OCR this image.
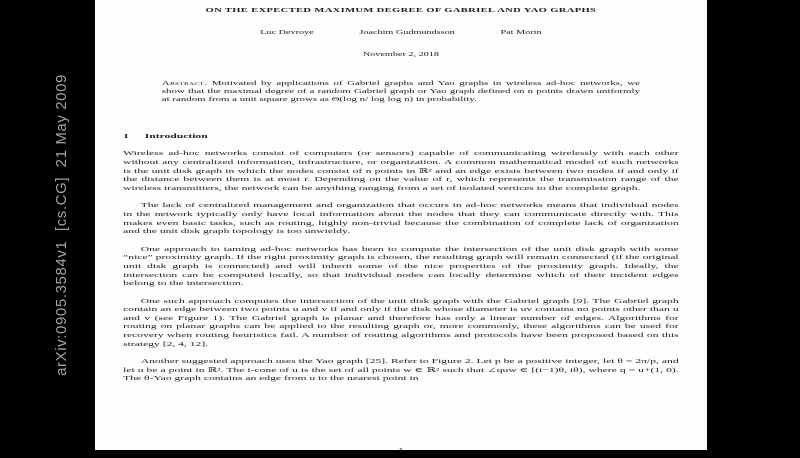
arXiv:0905.3584v1  [cs.CG]  21 May 2009
ON THE EXPECTED MAXIMUM DEGREE OF GABRIEL AND YAO GRAPHS
Luc Devroye	Joachim Gudmundsson	Pat Morin
November 2, 2018

Abstract. Motivated by applications of Gabriel graphs and Yao graphs in wireless ad-hoc networks, we show that the maximal degree of a random Gabriel graph or Yao graph defined on n points drawn uniformly at random from a unit square grows as Θ(log n/ log log n) in probability.

1 Introduction

Wireless ad-hoc networks consist of computers (or sensors) capable of communicating wirelessly with each other without any centralized information, infrastructure, or organization. A common mathematical model of such networks is the unit disk graph in which the nodes consist of n points in ℝ² and an edge exists between two nodes if and only if the distance between them is at most r. Depending on the value of r, which represents the transmission range of the wireless transmitters, the network can be anything ranging from a set of isolated vertices to the complete graph.

The lack of centralized management and organization that occurs in ad-hoc networks means that individual nodes in the network typically only have local information about the nodes that they can communicate directly with. This makes even basic tasks, such as routing, highly non-trivial because the combination of complete lack of organization and the unit disk graph topology is too unwieldy.

One approach to taming ad-hoc networks has been to compute the intersection of the unit disk graph with some “nice” proximity graph. If the right proximity graph is chosen, the resulting graph will remain connected (if the original unit disk graph is connected) and will inherit some of the nice properties of the proximity graph. Ideally, the intersection can be computed locally, so that individual nodes can locally determine which of their incident edges belong to the intersection.

One such approach computes the intersection of the unit disk graph with the Gabriel graph [9]. The Gabriel graph contain an edge between two points u and v if and only if the disk whose diameter is uv contains no points other than u and v (see Figure 1). The Gabriel graph is planar and therefore has only a linear number of edges. Algorithms for routing on planar graphs can be applied to the resulting graph or, more commonly, these algorithms can be used for recovery when routing heuristics fail. A number of routing algorithms and protocols have been proposed based on this strategy [2, 4, 12].

Another suggested approach uses the Yao graph [25]. Refer to Figure 2. Let p be a positive integer, let θ = 2π/p, and let u be a point in ℝ². The i-cone of u is the set of all points w ∈ ℝ² such that ∠quw ∈ [(i−1)θ, iθ), where q = u+(1, 0). The θ-Yao graph contains an edge from u to the nearest point in

1
